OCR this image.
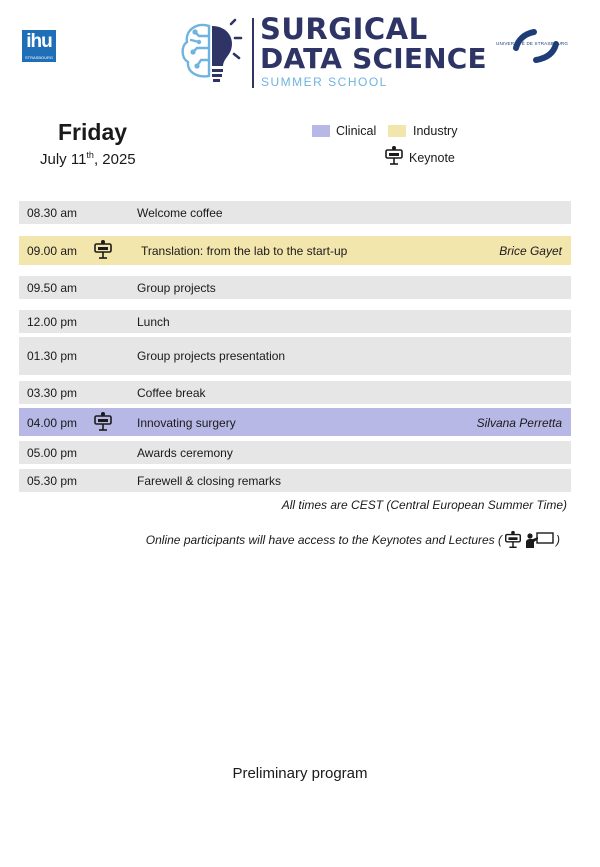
ihu
STRASBOURG
SURGICAL
DATA SCIENCE
SUMMER SCHOOL
UNIVERSITÉ DE STRASBOURG
Friday
July 11th, 2025
Clinical	Industry
Keynote
08.30 am	Welcome coffee
09.00 am	Translation: from the lab to the start-up	Brice Gayet
09.50 am	Group projects
12.00 pm	Lunch
01.30 pm	Group projects presentation
03.30 pm	Coffee break
04.00 pm	Innovating surgery	Silvana Perretta
05.00 pm	Awards ceremony
05.30 pm	Farewell & closing remarks
All times are CEST (Central European Summer Time)
Online participants will have access to the Keynotes and Lectures (	)
Preliminary program
